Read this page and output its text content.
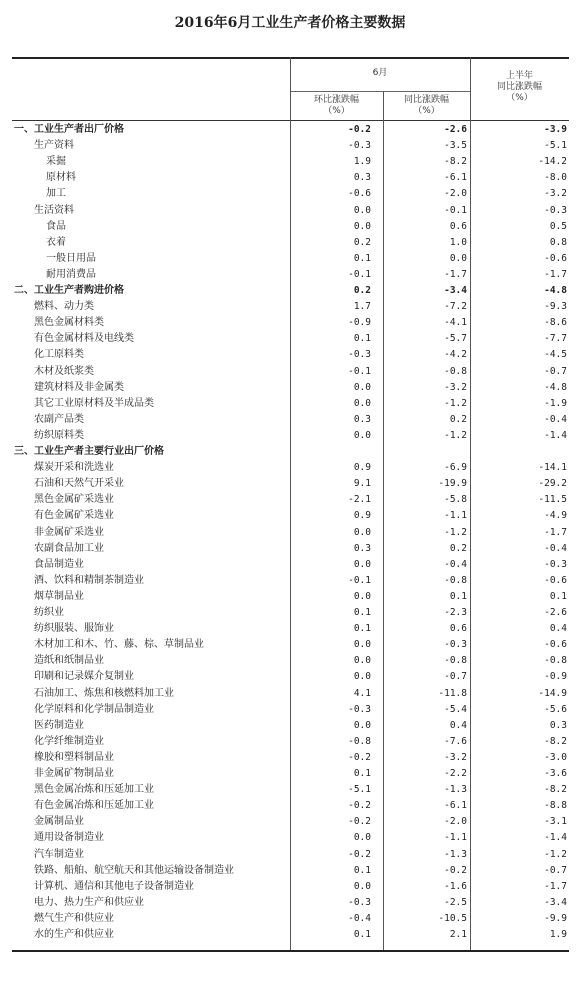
2016年6月工业生产者价格主要数据
6月
环比涨跌幅
（%）
同比涨跌幅
（%）
上半年
同比涨跌幅
（%）
一、工业生产者出厂价格	-0.2	-2.6	-3.9
生产资料	-0.3	-3.5	-5.1
采掘	1.9	-8.2	-14.2
原材料	0.3	-6.1	-8.0
加工	-0.6	-2.0	-3.2
生活资料	0.0	-0.1	-0.3
食品	0.0	0.6	0.5
衣着	0.2	1.0	0.8
一般日用品	0.1	0.0	-0.6
耐用消费品	-0.1	-1.7	-1.7
二、工业生产者购进价格	0.2	-3.4	-4.8
燃料、动力类	1.7	-7.2	-9.3
黑色金属材料类	-0.9	-4.1	-8.6
有色金属材料及电线类	0.1	-5.7	-7.7
化工原料类	-0.3	-4.2	-4.5
木材及纸浆类	-0.1	-0.8	-0.7
建筑材料及非金属类	0.0	-3.2	-4.8
其它工业原材料及半成品类	0.0	-1.2	-1.9
农副产品类	0.3	0.2	-0.4
纺织原料类	0.0	-1.2	-1.4
三、工业生产者主要行业出厂价格
煤炭开采和洗选业	0.9	-6.9	-14.1
石油和天然气开采业	9.1	-19.9	-29.2
黑色金属矿采选业	-2.1	-5.8	-11.5
有色金属矿采选业	0.9	-1.1	-4.9
非金属矿采选业	0.0	-1.2	-1.7
农副食品加工业	0.3	0.2	-0.4
食品制造业	0.0	-0.4	-0.3
酒、饮料和精制茶制造业	-0.1	-0.8	-0.6
烟草制品业	0.0	0.1	0.1
纺织业	0.1	-2.3	-2.6
纺织服装、服饰业	0.1	0.6	0.4
木材加工和木、竹、藤、棕、草制品业	0.0	-0.3	-0.6
造纸和纸制品业	0.0	-0.8	-0.8
印刷和记录媒介复制业	0.0	-0.7	-0.9
石油加工、炼焦和核燃料加工业	4.1	-11.8	-14.9
化学原料和化学制品制造业	-0.3	-5.4	-5.6
医药制造业	0.0	0.4	0.3
化学纤维制造业	-0.8	-7.6	-8.2
橡胶和塑料制品业	-0.2	-3.2	-3.0
非金属矿物制品业	0.1	-2.2	-3.6
黑色金属冶炼和压延加工业	-5.1	-1.3	-8.2
有色金属冶炼和压延加工业	-0.2	-6.1	-8.8
金属制品业	-0.2	-2.0	-3.1
通用设备制造业	0.0	-1.1	-1.4
汽车制造业	-0.2	-1.3	-1.2
铁路、船舶、航空航天和其他运输设备制造业	0.1	-0.2	-0.7
计算机、通信和其他电子设备制造业	0.0	-1.6	-1.7
电力、热力生产和供应业	-0.3	-2.5	-3.4
燃气生产和供应业	-0.4	-10.5	-9.9
水的生产和供应业	0.1	2.1	1.9
